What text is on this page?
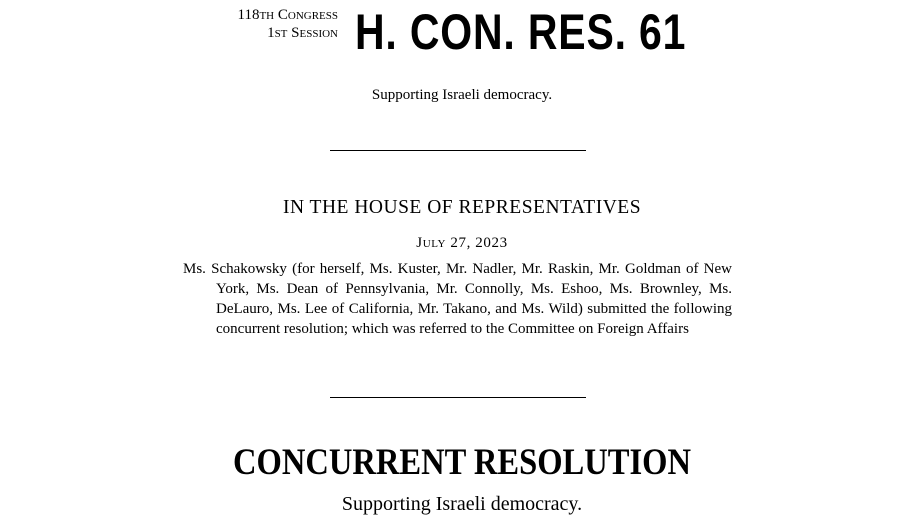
118th Congress
1st Session H. CON. RES. 61
Supporting Israeli democracy.
IN THE HOUSE OF REPRESENTATIVES
July 27, 2023
Ms. Schakowsky (for herself, Ms. Kuster, Mr. Nadler, Mr. Raskin, Mr. Goldman of New York, Ms. Dean of Pennsylvania, Mr. Connolly, Ms. Eshoo, Ms. Brownley, Ms. DeLauro, Ms. Lee of California, Mr. Takano, and Ms. Wild) submitted the following concurrent resolution; which was referred to the Committee on Foreign Affairs
CONCURRENT RESOLUTION
Supporting Israeli democracy.
